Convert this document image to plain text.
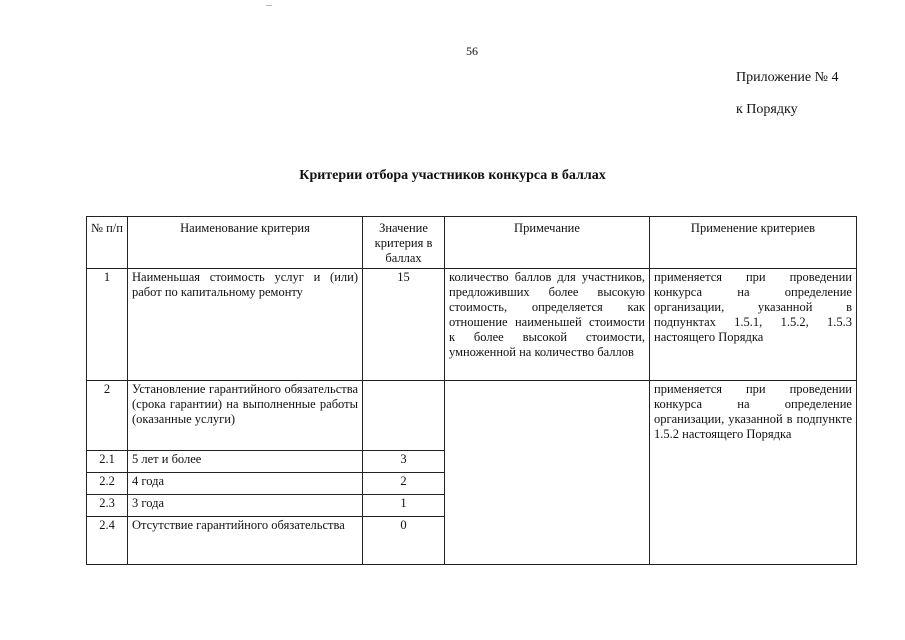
56
Приложение № 4
к Порядку
Критерии отбора участников конкурса в баллах
№ п/п	Наименование критерия	Значение критерия в баллах	Примечание	Применение критериев
1	Наименьшая стоимость услуг и (или) работ по капитальному ремонту	15	количество баллов для участников, предложивших более высокую стоимость, определяется как отношение наименьшей стоимости к более высокой стоимости, умноженной на количество баллов	применяется при проведении конкурса на определение организации, указанной в подпунктах 1.5.1, 1.5.2, 1.5.3 настоящего Порядка
2	Установление гарантийного обязательства (срока гарантии) на выполненные работы (оказанные услуги)			применяется при проведении конкурса на определение организации, указанной в подпункте 1.5.2 настоящего Порядка
2.1	5 лет и более	3		
2.2	4 года	2		
2.3	3 года	1		
2.4	Отсутствие гарантийного обязательства	0		
